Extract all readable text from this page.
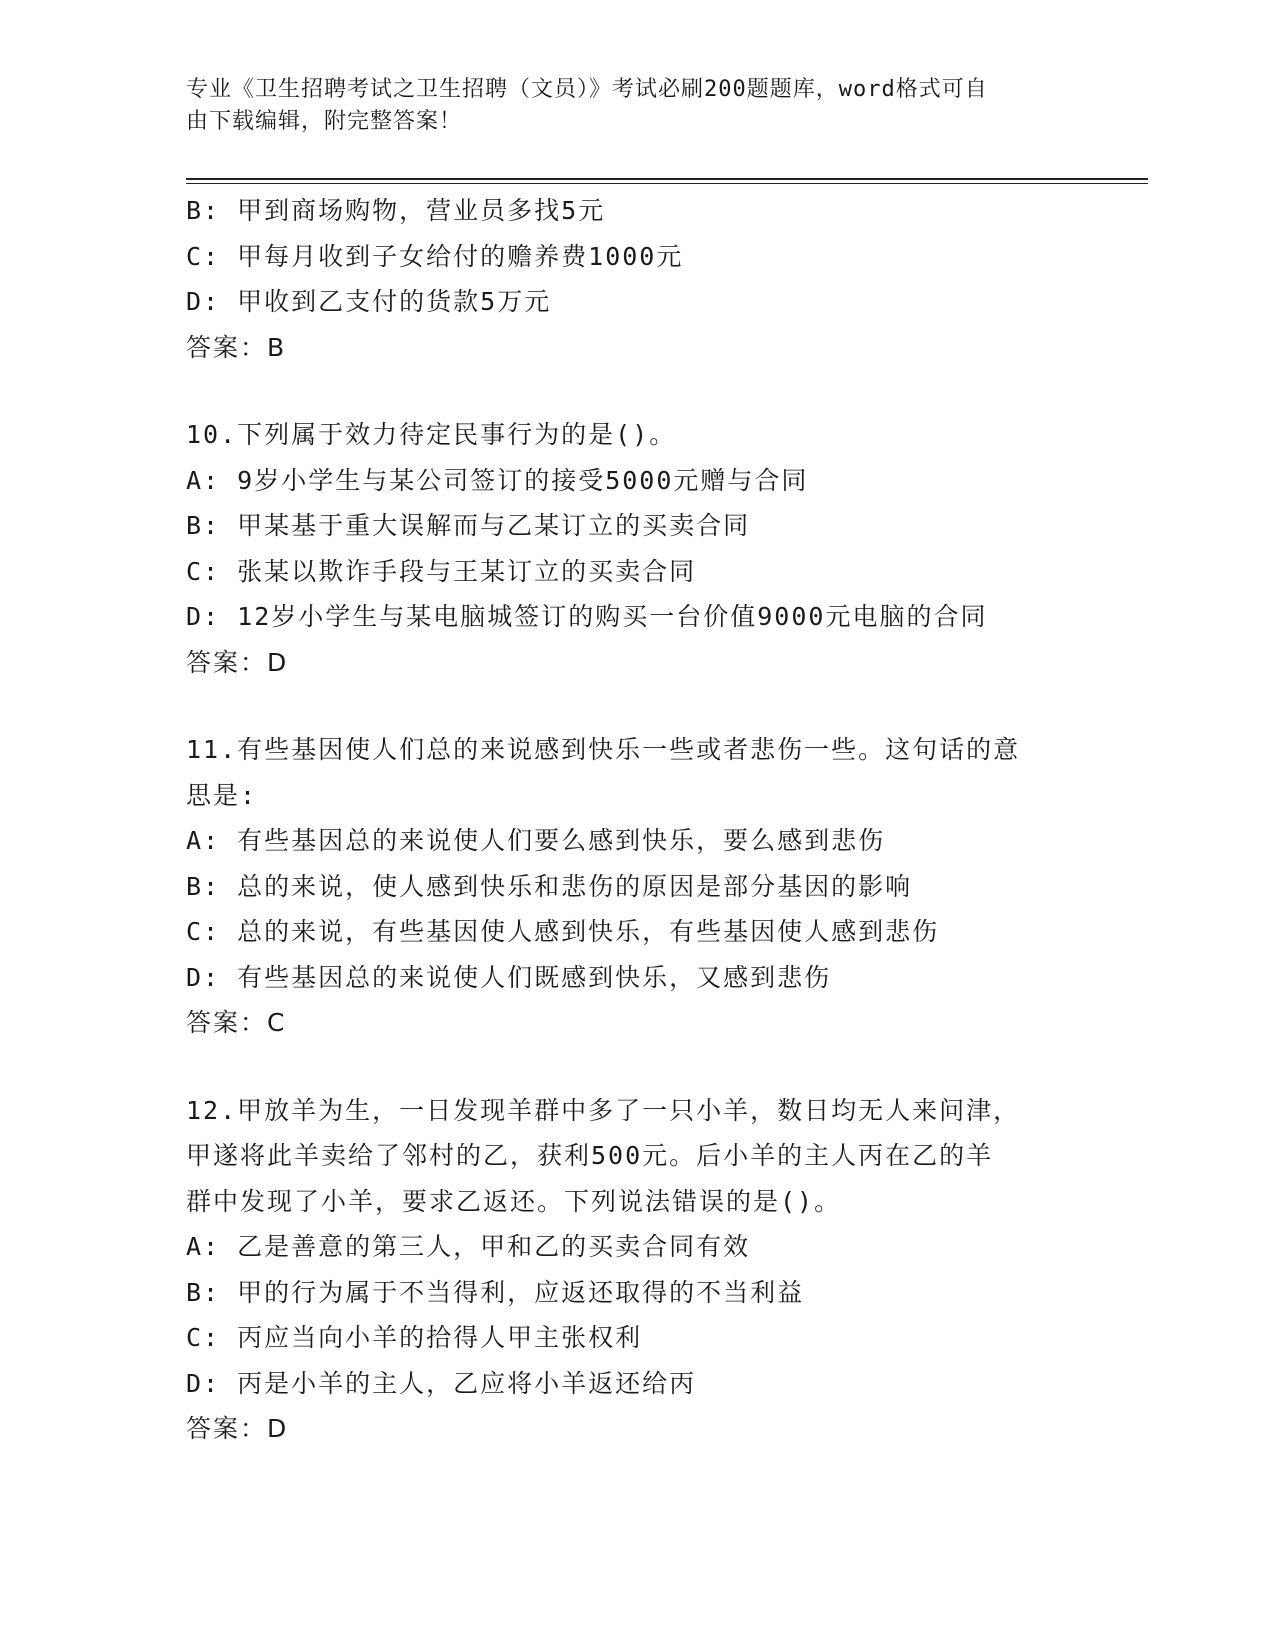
专业《卫生招聘考试之卫生招聘（文员）》考试必刷200题题库，word格式可自
由下载编辑，附完整答案！
B: 甲到商场购物，营业员多找5元
C: 甲每月收到子女给付的赡养费1000元
D: 甲收到乙支付的货款5万元
答案：B
10.下列属于效力待定民事行为的是()。
A: 9岁小学生与某公司签订的接受5000元赠与合同
B: 甲某基于重大误解而与乙某订立的买卖合同
C: 张某以欺诈手段与王某订立的买卖合同
D: 12岁小学生与某电脑城签订的购买一台价值9000元电脑的合同
答案：D
11.有些基因使人们总的来说感到快乐一些或者悲伤一些。这句话的意
思是:
A: 有些基因总的来说使人们要么感到快乐，要么感到悲伤
B: 总的来说，使人感到快乐和悲伤的原因是部分基因的影响
C: 总的来说，有些基因使人感到快乐，有些基因使人感到悲伤
D: 有些基因总的来说使人们既感到快乐，又感到悲伤
答案：C
12.甲放羊为生，一日发现羊群中多了一只小羊，数日均无人来问津，
甲遂将此羊卖给了邻村的乙，获利500元。后小羊的主人丙在乙的羊
群中发现了小羊，要求乙返还。下列说法错误的是()。
A: 乙是善意的第三人，甲和乙的买卖合同有效
B: 甲的行为属于不当得利，应返还取得的不当利益
C: 丙应当向小羊的拾得人甲主张权利
D: 丙是小羊的主人，乙应将小羊返还给丙
答案：D
